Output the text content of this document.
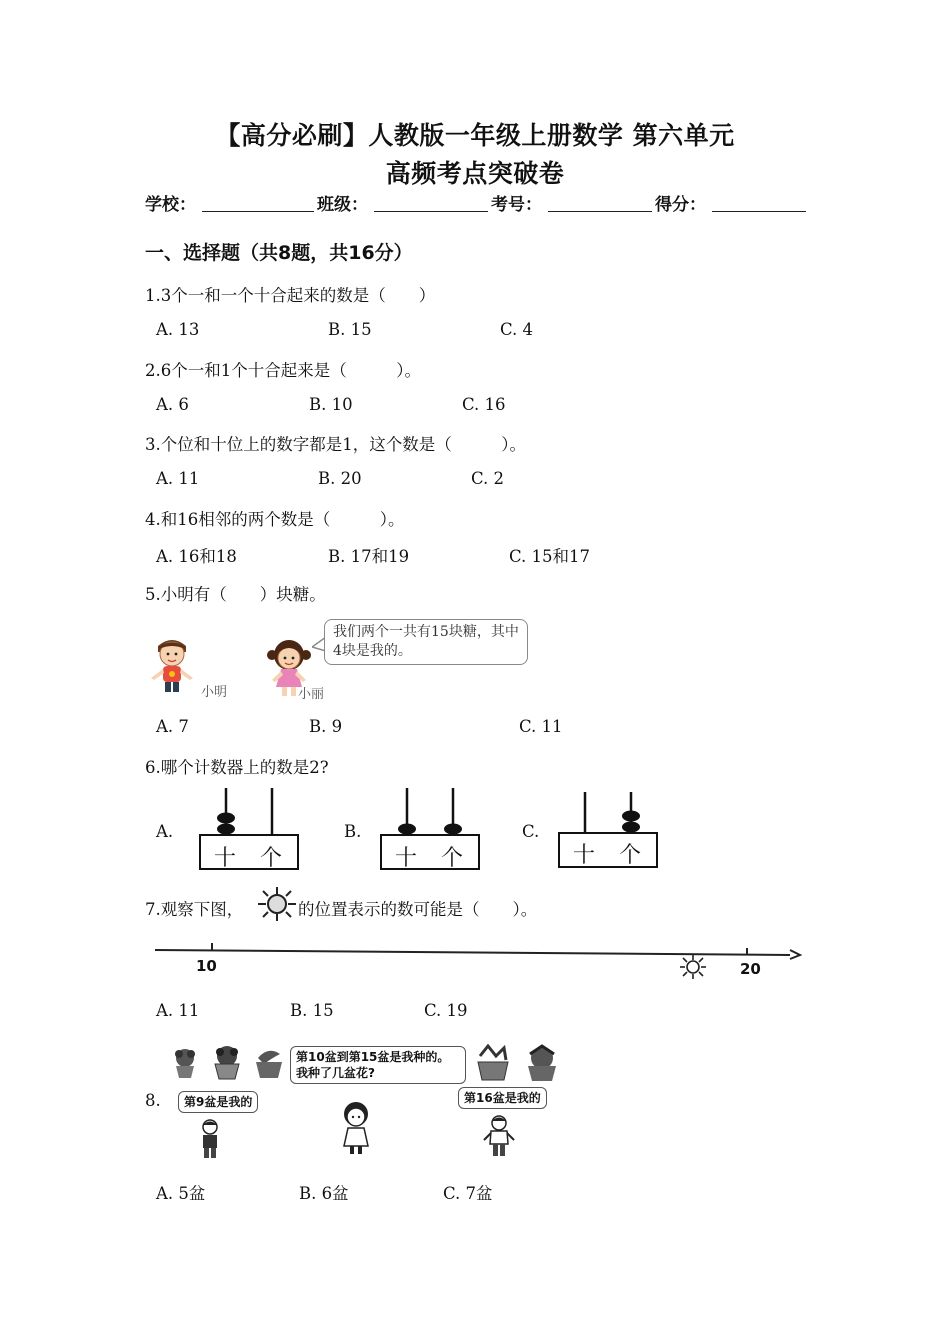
【高分必刷】人教版一年级上册数学 第六单元
高频考点突破卷
学校：	班级：	考号：	得分：
一、选择题（共8题，共16分）
1.3个一和一个十合起来的数是（　　）
A. 13	B. 15	C. 4
2.6个一和1个十合起来是（　　　）。
A. 6	B. 10	C. 16
3.个位和十位上的数字都是1，这个数是（　　　）。
A. 11	B. 20	C. 2
4.和16相邻的两个数是（　　　）。
A. 16和18	B. 17和19	C. 15和17
5.小明有（　　）块糖。
小明	小丽
我们两个一共有15块糖，其中4块是我的。
A. 7	B. 9	C. 11
6.哪个计数器上的数是2?
A.
十 个
B.
十 个
C.
十 个
7.观察下图，	的位置表示的数可能是（　　）。
10	20
A. 11	B. 15	C. 19
8.	第9盆是我的
第10盆到第15盆是我种的。我种了几盆花?
第16盆是我的
A. 5盆	B. 6盆	C. 7盆
